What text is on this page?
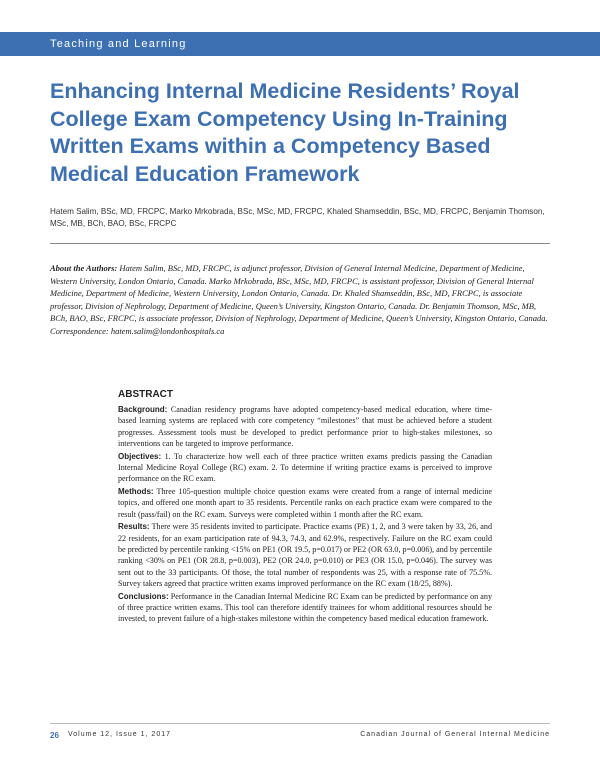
Teaching and Learning
Enhancing Internal Medicine Residents’ Royal College Exam Competency Using In-Training Written Exams within a Competency Based Medical Education Framework
Hatem Salim, BSc, MD, FRCPC, Marko Mrkobrada, BSc, MSc, MD, FRCPC, Khaled Shamseddin, BSc, MD, FRCPC, Benjamin Thomson, MSc, MB, BCh, BAO, BSc, FRCPC
About the Authors: Hatem Salim, BSc, MD, FRCPC, is adjunct professor, Division of General Internal Medicine, Department of Medicine, Western University, London Ontario, Canada. Marko Mrkobrada, BSc, MSc, MD, FRCPC, is assistant professor, Division of General Internal Medicine, Department of Medicine, Western University, London Ontario, Canada. Dr. Khaled Shamseddin, BSc, MD, FRCPC, is associate professor, Division of Nephrology, Department of Medicine, Queen’s University, Kingston Ontario, Canada. Dr. Benjamin Thomson, MSc, MB, BCh, BAO, BSc, FRCPC, is associate professor, Division of Nephrology, Department of Medicine, Queen’s University, Kingston Ontario, Canada. Correspondence: hatem.salim@londonhospitals.ca
ABSTRACT

Background: Canadian residency programs have adopted competency-based medical education, where time-based learning systems are replaced with core competency “milestones” that must be achieved before a student progresses. Assessment tools must be developed to predict performance prior to high-stakes milestones, so interventions can be targeted to improve performance.

Objectives: 1. To characterize how well each of three practice written exams predicts passing the Canadian Internal Medicine Royal College (RC) exam. 2. To determine if writing practice exams is perceived to improve performance on the RC exam.

Methods: Three 105-question multiple choice question exams were created from a range of internal medicine topics, and offered one month apart to 35 residents. Percentile ranks on each practice exam were compared to the result (pass/fail) on the RC exam. Surveys were completed within 1 month after the RC exam.

Results: There were 35 residents invited to participate. Practice exams (PE) 1, 2, and 3 were taken by 33, 26, and 22 residents, for an exam participation rate of 94.3, 74.3, and 62.9%, respectively. Failure on the RC exam could be predicted by percentile ranking <15% on PE1 (OR 19.5, p=0.017) or PE2 (OR 63.0, p=0.006), and by percentile ranking <30% on PE1 (OR 28.8, p=0.003), PE2 (OR 24.0, p=0.010) or PE3 (OR 15.0, p=0.046). The survey was sent out to the 33 participants. Of those, the total number of respondents was 25, with a response rate of 75.5%. Survey takers agreed that practice written exams improved performance on the RC exam (18/25, 88%).

Conclusions: Performance in the Canadian Internal Medicine RC Exam can be predicted by performance on any of three practice written exams. This tool can therefore identify trainees for whom additional resources should be invested, to prevent failure of a high-stakes milestone within the competency based medical education framework.

26 Volume 12, Issue 1, 2017	Canadian Journal of General Internal Medicine
